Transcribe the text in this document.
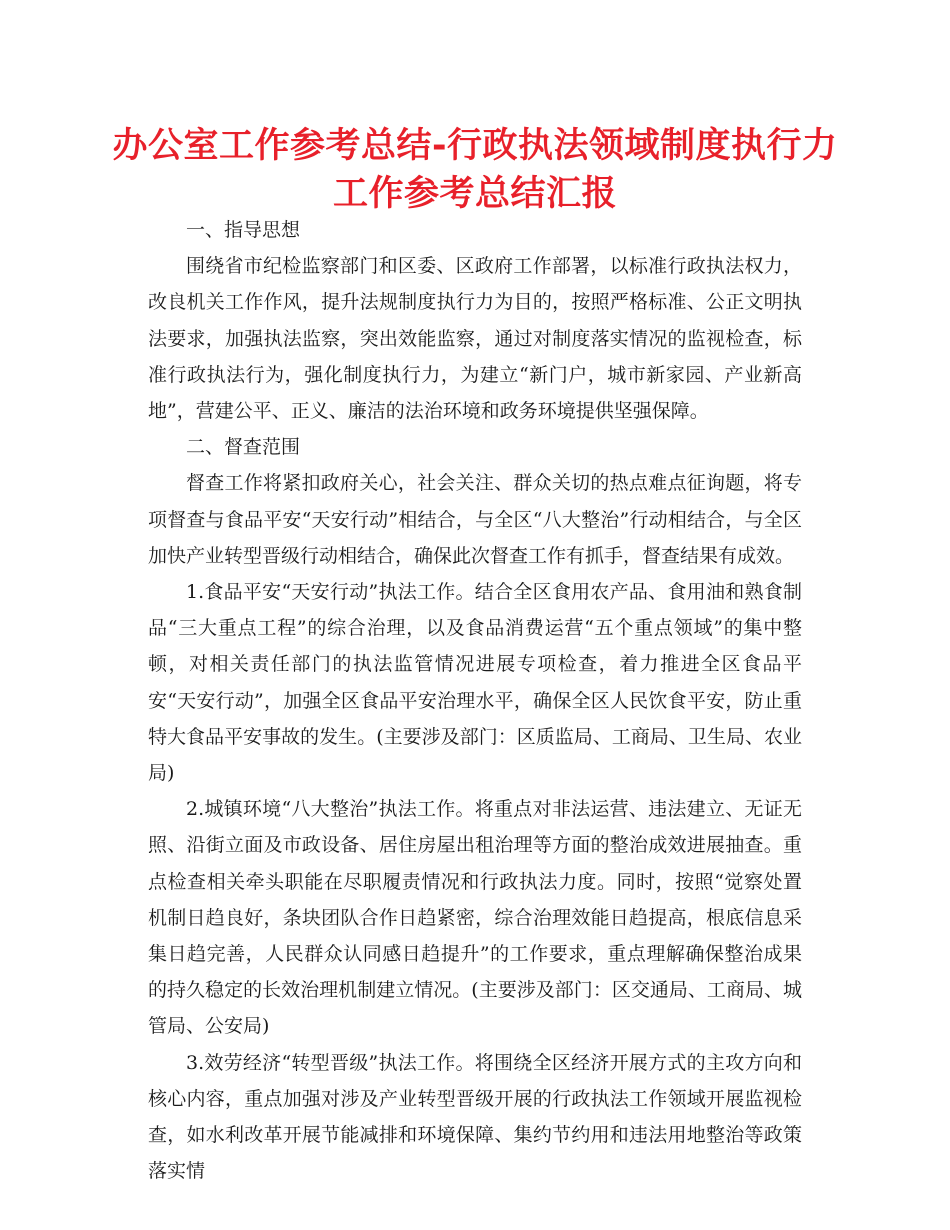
办公室工作参考总结-行政执法领域制度执行力
工作参考总结汇报

一、指导思想

围绕省市纪检监察部门和区委、区政府工作部署，以标准行政执法权力，改良机关工作作风，提升法规制度执行力为目的，按照严格标准、公正文明执法要求，加强执法监察，突出效能监察，通过对制度落实情况的监视检查，标准行政执法行为，强化制度执行力，为建立“新门户，城市新家园、产业新高地”，营建公平、正义、廉洁的法治环境和政务环境提供坚强保障。

二、督查范围

督查工作将紧扣政府关心，社会关注、群众关切的热点难点征询题，将专项督查与食品平安“天安行动”相结合，与全区“八大整治”行动相结合，与全区加快产业转型晋级行动相结合，确保此次督查工作有抓手，督查结果有成效。

1.食品平安“天安行动”执法工作。结合全区食用农产品、食用油和熟食制品“三大重点工程”的综合治理，以及食品消费运营“五个重点领域”的集中整顿，对相关责任部门的执法监管情况进展专项检查，着力推进全区食品平安“天安行动”，加强全区食品平安治理水平，确保全区人民饮食平安，防止重特大食品平安事故的发生。(主要涉及部门：区质监局、工商局、卫生局、农业局)

2.城镇环境“八大整治”执法工作。将重点对非法运营、违法建立、无证无照、沿街立面及市政设备、居住房屋出租治理等方面的整治成效进展抽查。重点检查相关牵头职能在尽职履责情况和行政执法力度。同时，按照“觉察处置机制日趋良好，条块团队合作日趋紧密，综合治理效能日趋提高，根底信息采集日趋完善，人民群众认同感日趋提升”的工作要求，重点理解确保整治成果的持久稳定的长效治理机制建立情况。(主要涉及部门：区交通局、工商局、城管局、公安局)

3.效劳经济“转型晋级”执法工作。将围绕全区经济开展方式的主攻方向和核心内容，重点加强对涉及产业转型晋级开展的行政执法工作领域开展监视检查，如水利改革开展节能减排和环境保障、集约节约用和违法用地整治等政策落实情
